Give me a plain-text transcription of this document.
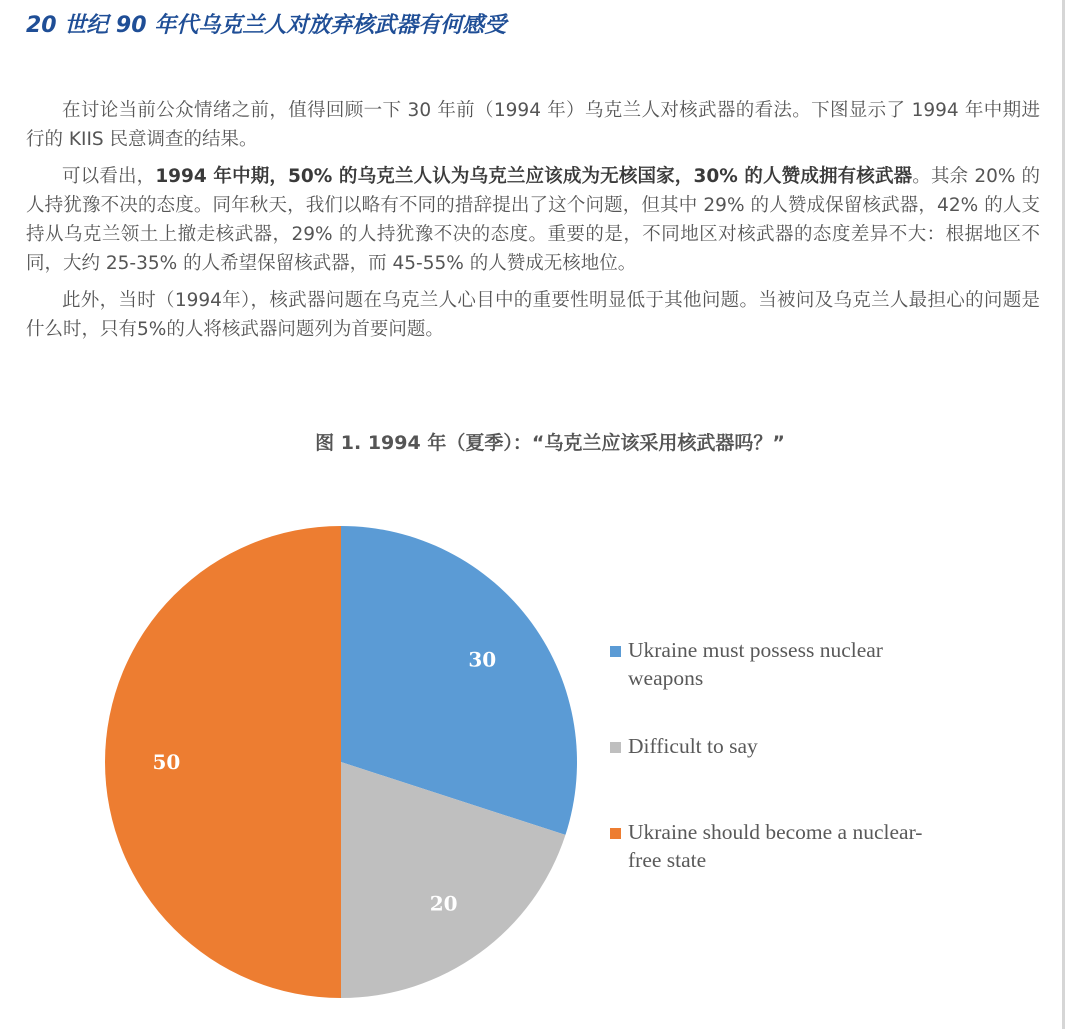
20 世纪 90 年代乌克兰人对放弃核武器有何感受

在讨论当前公众情绪之前，值得回顾一下 30 年前（1994 年）乌克兰人对核武器的看法。下图显示了 1994 年中期进行的 KIIS 民意调查的结果。

可以看出，1994 年中期，50% 的乌克兰人认为乌克兰应该成为无核国家，30% 的人赞成拥有核武器。其余 20% 的人持犹豫不决的态度。同年秋天，我们以略有不同的措辞提出了这个问题，但其中 29% 的人赞成保留核武器，42% 的人支持从乌克兰领土上撤走核武器，29% 的人持犹豫不决的态度。重要的是，不同地区对核武器的态度差异不大：根据地区不同，大约 25-35% 的人希望保留核武器，而 45-55% 的人赞成无核地位。

此外，当时（1994年），核武器问题在乌克兰人心目中的重要性明显低于其他问题。当被问及乌克兰人最担心的问题是什么时，只有5%的人将核武器问题列为首要问题。

图 1. 1994 年（夏季）：“乌克兰应该采用核武器吗？”
30
20
50
Ukraine must possess nuclear
weapons
Difficult to say
Ukraine should become a nuclear-
free state
